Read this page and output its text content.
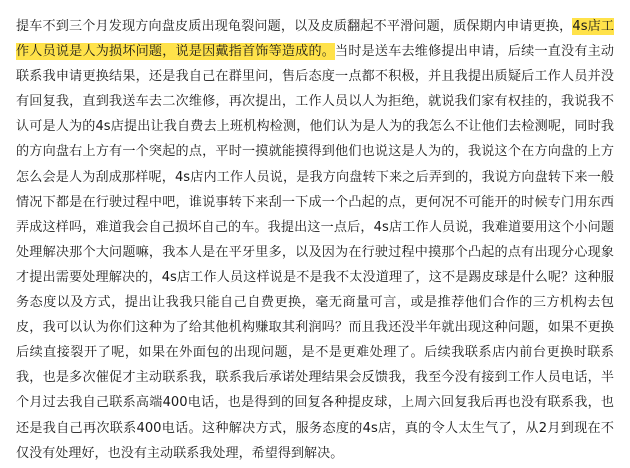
提车不到三个月发现方向盘皮质出现龟裂问题，以及皮质翻起不平滑问题，质保期内申请更换，4s店工作人员说是人为损坏问题，说是因戴指首饰等造成的。当时是送车去维修提出申请，后续一直没有主动联系我申请更换结果，还是我自己在群里问，售后态度一点都不积极，并且我提出质疑后工作人员并没有回复我，直到我送车去二次维修，再次提出，工作人员以人为拒绝，就说我们家有权挂的，我说我不认可是人为的4s店提出让我自费去上班机构检测，他们认为是人为的我怎么不让他们去检测呢，同时我的方向盘右上方有一个突起的点，平时一摸就能摸得到他们也说这是人为的，我说这个在方向盘的上方怎么会是人为刮成那样呢，4s店内工作人员说，是我方向盘转下来之后弄到的，我说方向盘转下来一般情况下都是在行驶过程中吧，谁说事转下来刮一下成一个凸起的点，更何况不可能开的时候专门用东西弄成这样吗，难道我会自己损坏自己的车。我提出这一点后，4s店工作人员说，我难道要用这个小问题处理解决那个大问题嘛，我本人是在平牙里多，以及因为在行驶过程中摸那个凸起的点有出现分心现象才提出需要处理解决的，4s店工作人员这样说是不是我不太没道理了，这不是踢皮球是什么呢？这种服务态度以及方式，提出让我我只能自己自费更换，毫无商量可言，或是推荐他们合作的三方机构去包皮，我可以认为你们这种为了给其他机构赚取其利润吗？而且我还没半年就出现这种问题，如果不更换后续直接裂开了呢，如果在外面包的出现问题，是不是更难处理了。后续我联系店内前台更换时联系我，也是多次催促才主动联系我，联系我后承诺处理结果会反馈我，我至今没有接到工作人员电话，半个月过去我自己联系高端400电话，也是得到的回复各种提皮球，上周六回复我后再也没有联系我，也还是我自己再次联系400电话。这种解决方式，服务态度的4s店，真的令人太生气了，从2月到现在不仅没有处理好，也没有主动联系我处理，希望得到解决。
